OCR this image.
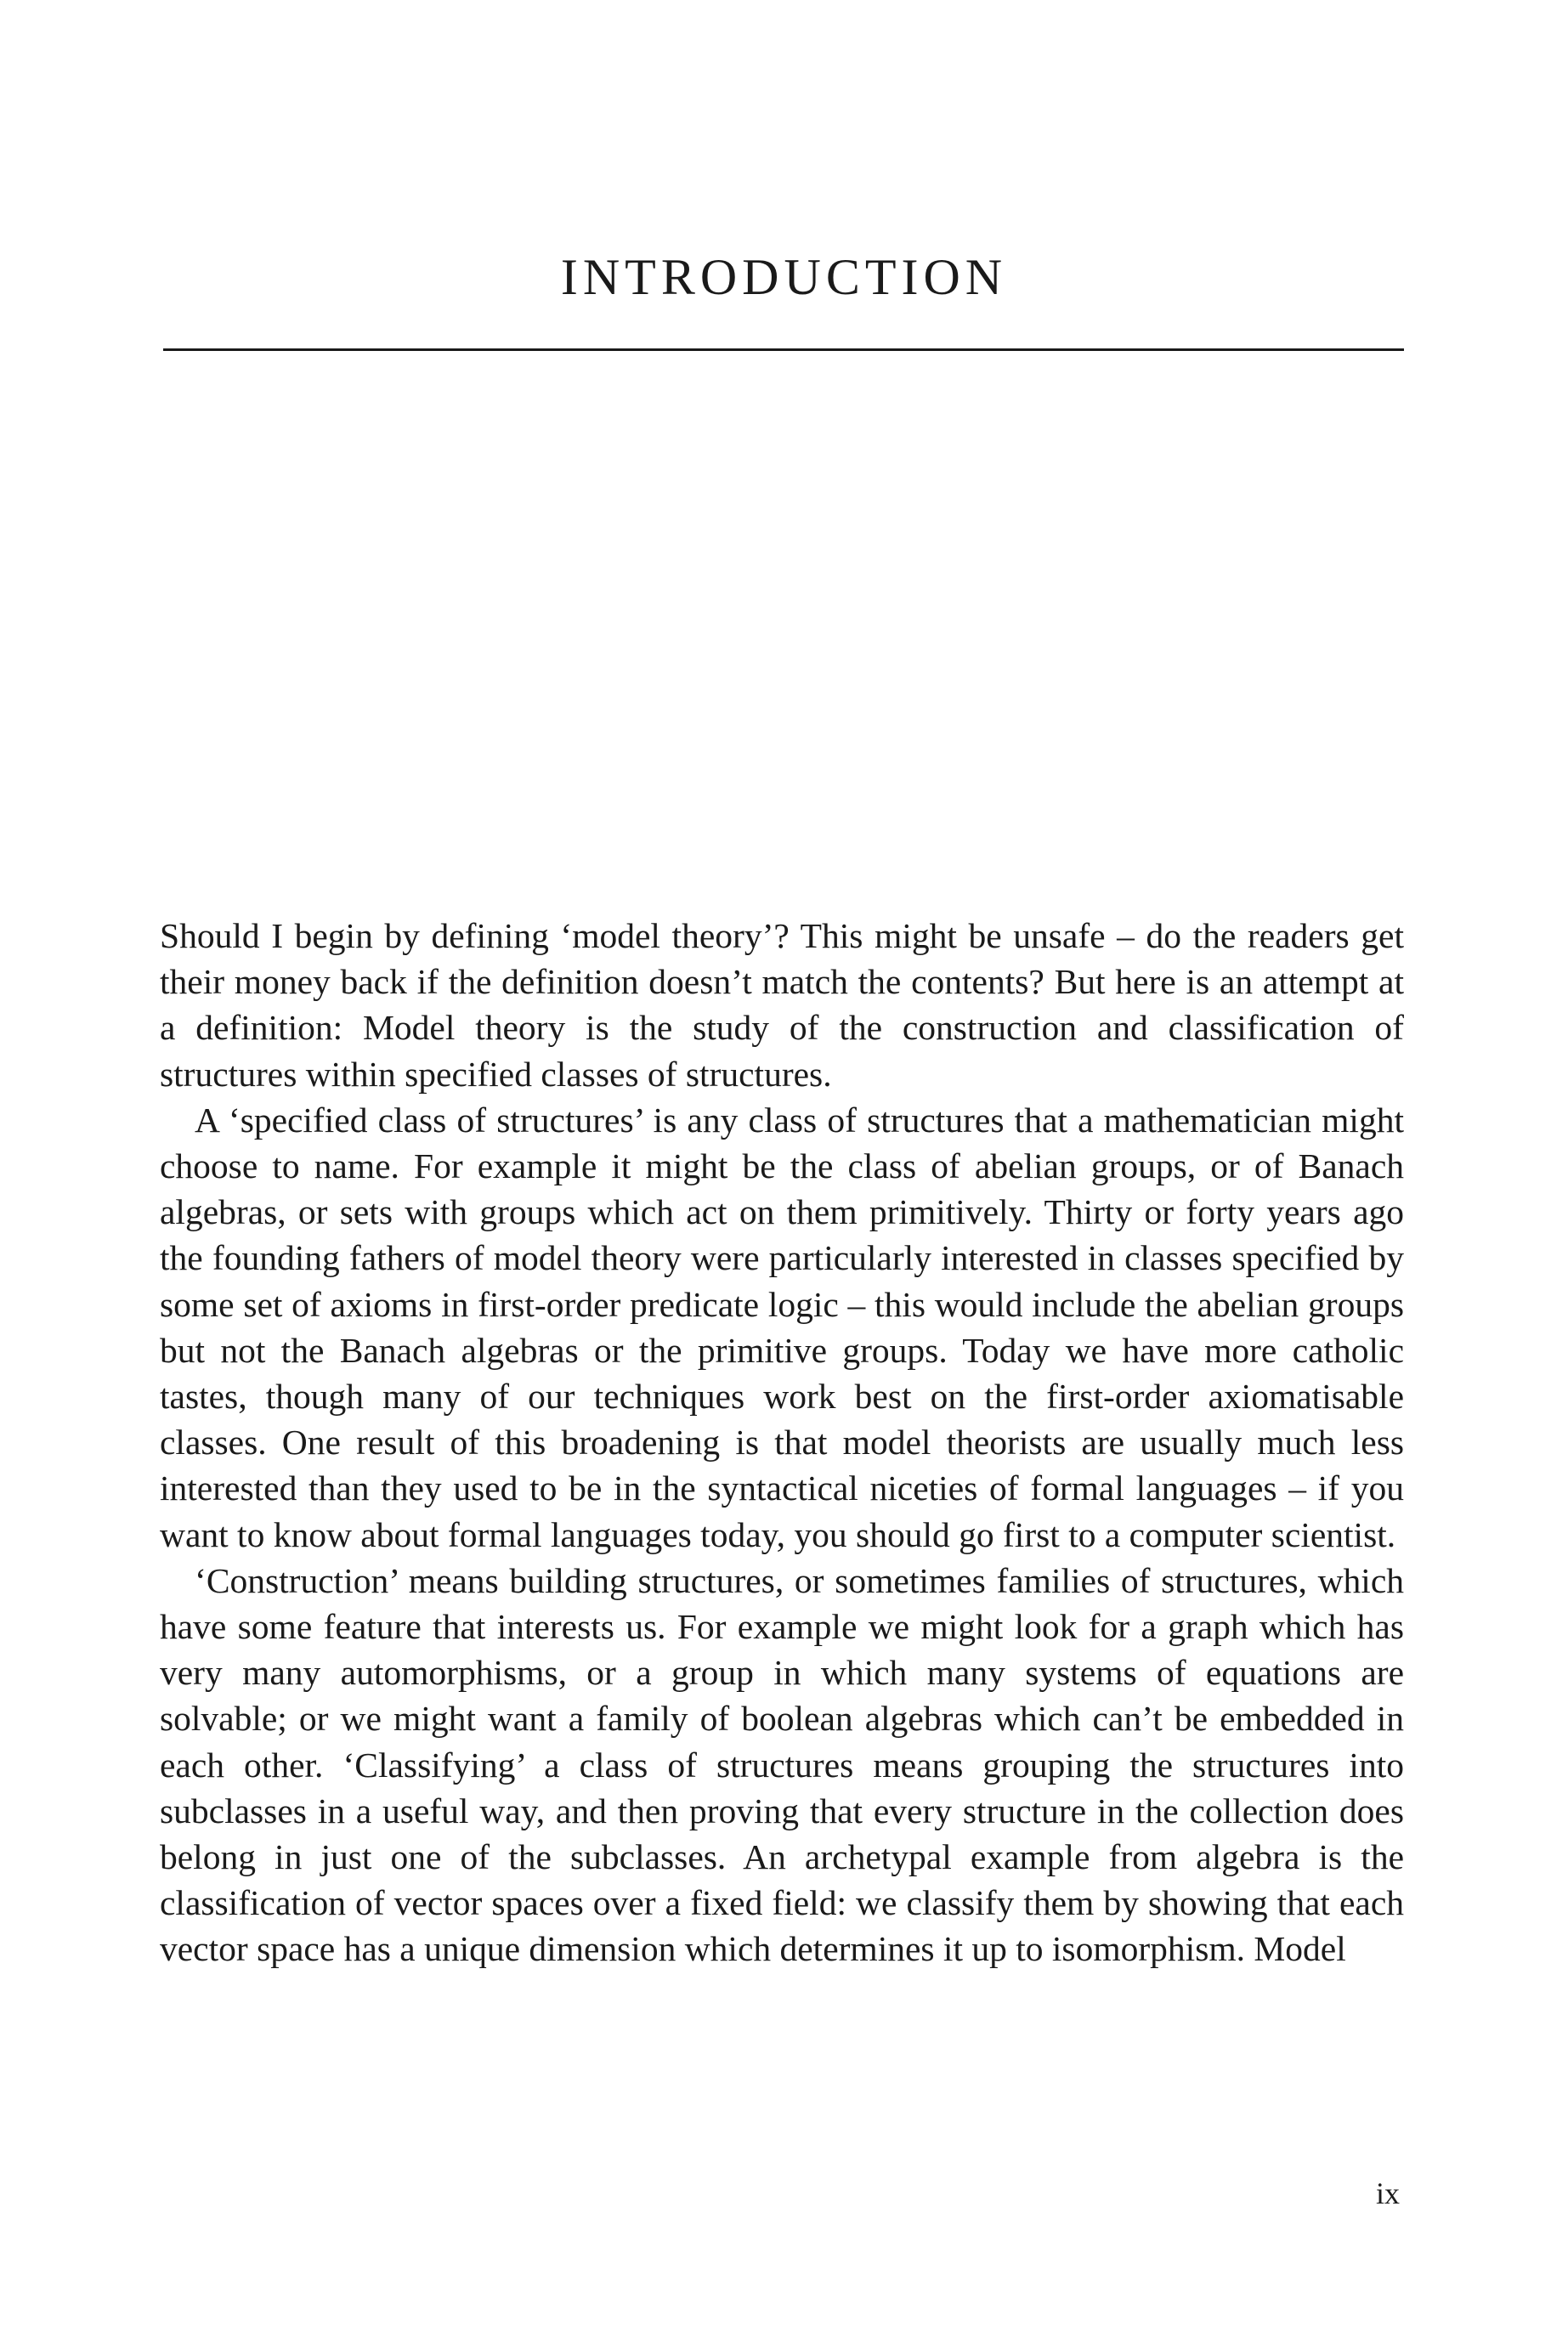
INTRODUCTION

Should I begin by defining ‘model theory’? This might be unsafe – do the readers get their money back if the definition doesn’t match the contents? But here is an attempt at a definition: Model theory is the study of the construction and classification of structures within specified classes of structures.

A ‘specified class of structures’ is any class of structures that a mathematician might choose to name. For example it might be the class of abelian groups, or of Banach algebras, or sets with groups which act on them primitively. Thirty or forty years ago the founding fathers of model theory were particularly interested in classes specified by some set of axioms in first-order predicate logic – this would include the abelian groups but not the Banach algebras or the primitive groups. Today we have more catholic tastes, though many of our techniques work best on the first-order axiomatisable classes. One result of this broadening is that model theorists are usually much less interested than they used to be in the syntactical niceties of formal languages – if you want to know about formal languages today, you should go first to a computer scientist.

‘Construction’ means building structures, or sometimes families of structures, which have some feature that interests us. For example we might look for a graph which has very many automorphisms, or a group in which many systems of equations are solvable; or we might want a family of boolean algebras which can’t be embedded in each other. ‘Classifying’ a class of structures means grouping the structures into subclasses in a useful way, and then proving that every structure in the collection does belong in just one of the subclasses. An archetypal example from algebra is the classification of vector spaces over a fixed field: we classify them by showing that each vector space has a unique dimension which determines it up to isomorphism. Model

ix
